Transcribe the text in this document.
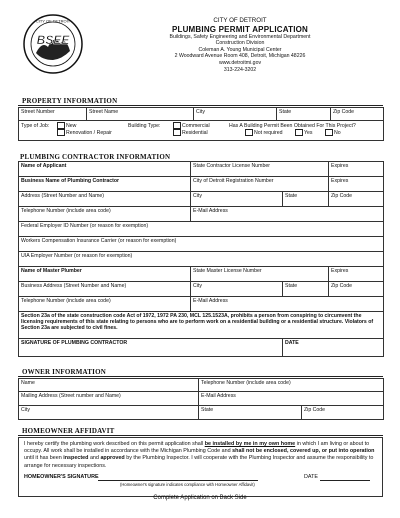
BSEE
CITY OF DETROIT	CITY OF DETROIT
PLUMBING PERMIT APPLICATION
Buildings, Safety Engineering and Environmental Department
Construction Division
Coleman A. Young Municipal Center
2 Woodward Avenue Room 408, Detroit, Michigan 48226
www.detroitmi.gov
313-224-3202
PROPERTY INFORMATION
Street Number	Street Name	City	State	Zip Code

Type of Job:	New
Renovation / Repair
Building Type:	Commercial
Residential
Has A Building Permit Been Obtained For This Project?
Not required	Yes	No
PLUMBING CONTRACTOR INFORMATION
Name of Applicant	State Contractor License Number		Expires
Business Name of Plumbing Contractor	City of Detroit Registration Number		Expires
Address (Street Number and Name)	City	State	Zip Code
Telephone Number (include area code)	E-Mail Address		
Federal Employer ID Number (or reason for exemption)			
Workers Compensation Insurance Carrier (or reason for exemption)			
UIA Employer Number (or reason for exemption)			
Name of Master Plumber	State Master License Number		Expires
Business Address (Street Number and Name)	City	State	Zip Code
Telephone Number (include area code)	E-Mail Address		
Section 23a of the state construction code Act of 1972, 1972 PA 230, MCL 125.1523A, prohibits a person from conspiring to circumvent the licensing requirements of this state relating to persons who are to perform work on a residential building or a residential structure. Violators of Section 23a are subjected to civil fines.			
SIGNATURE OF PLUMBING CONTRACTOR		DATE	
OWNER INFORMATION
Name	Telephone Number (include area code)	
Mailing Address (Street number and Name)	E-Mail Address	
City	State	Zip Code
HOMEOWNER AFFIDAVIT
I hereby certify the plumbing work described on this permit application shall be installed by me in my own home in which I am living or about to occupy. All work shall be installed in accordance with the Michigan Plumbing Code and shall not be enclosed, covered up, or put into operation until it has been inspected and approved by the Plumbing Inspector. I will cooperate with the Plumbing Inspector and assume the responsibility to arrange for necessary inspections.
HOMEOWNER'S SIGNATURE	DATE
(Homeowner's signature indicates compliance with Homeowner Affidavit)
Complete Application on Back Side
